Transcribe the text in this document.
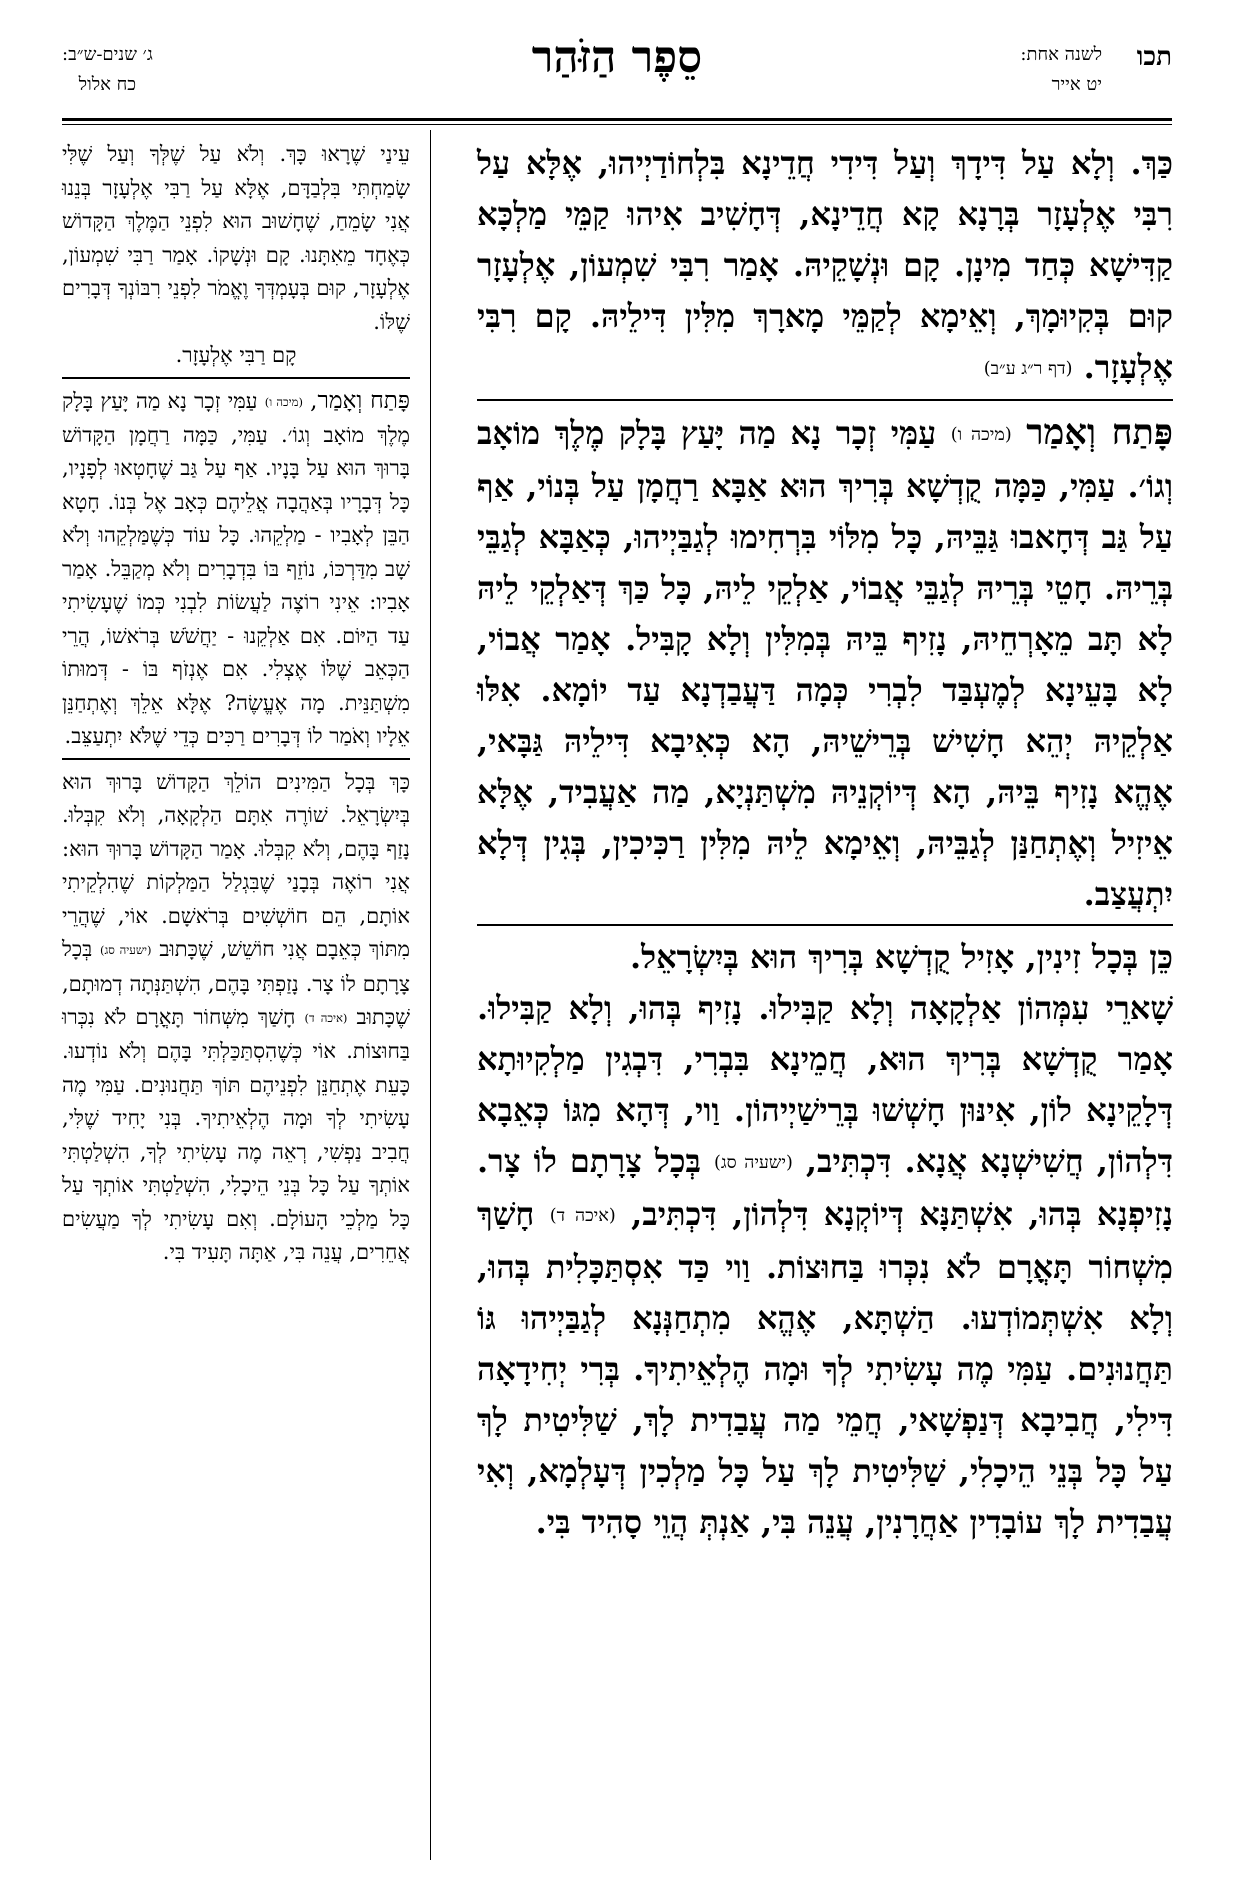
תכו
לשנה אחת:
יט אייר
סֵפֶר הַזֹּהַר
ג׳ שנים-ש״ב:
כח אלול

כַּךְ. וְלָא עַל דִּידָךְ וְעַל דִּידִי חֲדֵינָא בִּלְחוֹדַיְיהוּ, אֶלָּא עַל רִבִּי אֶלְעָזָר בְּרָנָא קָא חֲדֵינָא, דְּחָשִׁיב אִיהוּ קַמֵּי מַלְכָּא קַדִּישָׁא כְּחַד מִינָן. קָם וּנְשָׁקֵיהּ. אָמַר רִבִּי שִׁמְעוֹן, אֶלְעָזָר קוּם בְּקִיוּמָךְ, וְאֵימָא לְקַמֵּי מָארָךְ מִלִּין דִּילֵיהּ. קָם רִבִּי אֶלְעָזָר. (דף ר״ג ע״ב)

פָּתַח וְאָמַר (מיכה ו) עַמִּי זְכָר נָא מַה יָּעַץ בָּלָק מֶלֶךְ מוֹאָב וְגוֹ׳. עַמִּי, כַּמָּה קֻדְשָׁא בְּרִיךְ הוּא אַבָּא רַחֲמָן עַל בְּנוֹי, אַף עַל גַּב דְּחָאבוּ גַּבֵּיהּ, כָּל מִלּוֹי בִּרְחִימוּ לְגַבַּיְיהוּ, כְּאַבָּא לְגַבֵּי בְּרֵיהּ. חָטֵי בְּרֵיהּ לְגַבֵּי אֲבוֹי, אַלְקֵי לֵיהּ, כָּל כַּךְ דְּאַלְקֵי לֵיהּ לָא תָּב מֵאָרְחֵיהּ, נָזִיף בֵּיהּ בְּמִלִּין וְלָא קָבִּיל. אָמַר אֲבוֹי, לָא בָּעֵינָא לְמֶעְבַּד לִבְרִי כְּמָה דַּעֲבַדְנָא עַד יוֹמָא. אִלּוּ אַלְקֵיהּ יְהֵא חָשִׁישׁ בְּרֵישֵׁיהּ, הָא כְּאִיבָא דִּילֵיהּ גַּבָּאי, אֶהֱא נָזִיף בֵּיהּ, הָא דְּיוֹקְנֵיהּ מִשְׁתַּנְיָא, מַה אַעֲבִיד, אֶלָּא אֵיזִיל וְאֶתְחַנַּן לְגַבֵּיהּ, וְאֵימָא לֵיהּ מִלִּין רַכִּיכִין, בְּגִין דְּלָא יִתְעֲצַב.

כֵּן בְּכָל זִינִין, אָזִיל קֻדְשָׁא בְּרִיךְ הוּא בְּיִשְׂרָאֵל.

שָׁארֵי עִמְּהוֹן אַלְקָאָה וְלָא קַבִּילוּ. נָזִיף בְּהוּ, וְלָא קַבִּילוּ. אָמַר קֻדְשָׁא בְּרִיךְ הוּא, חֲמֵינָא בִּבְרִי, דִּבְגִין מַלְקִיוּתָא דְּלָקֵינָא לוֹן, אִינּוּן חָשְׁשׁוּ בְּרֵישַׁיְיהוֹן. וַוי, דְּהָא מִגּוֹ כְּאֵבָא דִּלְהוֹן, חֲשִׁישְׁנָא אֲנָא. דִּכְתִּיב, (ישעיה סג) בְּכָל צָרָתָם לוֹ צָר. נָזִיפְנָא בְּהוּ, אִשְׁתַּנָּא דְּיוֹקְנָא דִּלְהוֹן, דִּכְתִּיב, (איכה ד) חָשַׁךְ מִשְׁחוֹר תָּאֳרָם לֹא נִכְּרוּ בַּחוּצוֹת. וַוי כַּד אִסְתַּכָּלִית בְּהוּ, וְלָא אִשְׁתְּמוֹדְעוּ. הַשְׁתָּא, אֶהֱא מִתְחַנְּנָא לְגַבַּיְיהוּ גּוֹ תַּחֲנוּנִים. עַמִּי מֶה עָשִׂיתִי לְךָ וּמָה הֶלְאֵיתִיךָ. בְּרִי יְחִידָאָה דִּילִי, חֲבִיבָא דְּנַפְשָׁאי, חֲמֵי מַה עֲבַדִית לָךְ, שַׁלִּיטִית לָךְ עַל כָּל בְּנֵי הֵיכָלִי, שַׁלִּיטִית לָךְ עַל כָּל מַלְכִין דְּעָלְמָא, וְאִי עֲבַדִית לָךְ עוֹבָדִין אַחֲרָנִין, עֲנֵה בִּי, אַנְתְּ הֲוֵי סָהִיד בִּי.

עֵינַי שֶׁרָאוּ כָּךְ. וְלֹא עַל שֶׁלְּךָ וְעַל שֶׁלִּי שָׂמַחְתִּי בִּלְבַדָּם, אֶלָּא עַל רַבִּי אֶלְעָזָר בְּנֵנוּ אֲנִי שָׂמֵחַ, שֶׁחָשׁוּב הוּא לִפְנֵי הַמֶּלֶךְ הַקָּדוֹשׁ כְּאֶחָד מֵאִתָּנוּ. קָם וּנְשָׁקוֹ. אָמַר רַבִּי שִׁמְעוֹן, אֶלְעָזָר, קוּם בְּעָמְדְּךָ וֶאֱמֹר לִפְנֵי רִבּוֹנְךָ דְּבָרִים שֶׁלּוֹ.

קָם רַבִּי אֶלְעָזָר.

פָּתַח וְאָמַר, (מיכה ו) עַמִּי זְכָר נָא מַה יָּעַץ בָּלָק מֶלֶךְ מוֹאָב וְגוֹ׳. עַמִּי, כַּמָּה רַחֲמָן הַקָּדוֹשׁ בָּרוּךְ הוּא עַל בָּנָיו. אַף עַל גַּב שֶׁחָטְאוּ לְפָנָיו, כָּל דְּבָרָיו בְּאַהֲבָה אֲלֵיהֶם כְּאָב אֶל בְּנוֹ. חָטָא הַבֵּן לְאָבִיו - מַלְקֵהוּ. כָּל עוֹד כְּשֶׁמַּלְקֵהוּ וְלֹא שָׁב מִדַּרְכּוֹ, נוֹזֵף בּוֹ בִּדְבָרִים וְלֹא מְקַבֵּל. אָמַר אָבִיו: אֵינִי רוֹצֶה לַעֲשׂוֹת לִבְנִי כְּמוֹ שֶׁעָשִׂיתִי עַד הַיּוֹם. אִם אַלְקֵנוּ - יַחֲשֹׁשׁ בְּרֹאשׁוֹ, הֲרֵי הַכְּאֵב שֶׁלּוֹ אֶצְלִי. אִם אֶנְזֹף בּוֹ - דְּמוּתוֹ מִשְׁתַּנֵּית. מָה אֶעֱשֶׂה? אֶלָּא אֵלֵךְ וְאֶתְחַנֵּן אֵלָיו וְאֹמַר לוֹ דְּבָרִים רַכִּים כְּדֵי שֶׁלֹּא יִתְעַצֵּב.

כָּךְ בְּכָל הַמִּינִים הוֹלֵךְ הַקָּדוֹשׁ בָּרוּךְ הוּא בְּיִשְׂרָאֵל. שׁוֹרֶה אִתָּם הַלְקָאָה, וְלֹא קִבְּלוּ. נָזַף בָּהֶם, וְלֹא קִבְּלוּ. אָמַר הַקָּדוֹשׁ בָּרוּךְ הוּא: אֲנִי רוֹאֶה בְּבָנַי שֶׁבִּגְלַל הַמַּלְקוֹת שֶׁהִלְקֵיתִי אוֹתָם, הֵם חוֹשְׁשִׁים בְּרֹאשָׁם. אוֹי, שֶׁהֲרֵי מִתּוֹךְ כְּאֵבָם אֲנִי חוֹשֵׁשׁ, שֶׁכָּתוּב (ישעיה סג) בְּכָל צָרָתָם לוֹ צָר. נָזַפְתִּי בָּהֶם, הִשְׁתַּנְּתָה דְמוּתָם, שֶׁכָּתוּב (איכה ד) חָשַׁךְ מִשְּׁחוֹר תָּאֳרָם לֹא נִכְּרוּ בַּחוּצוֹת. אוֹי כְּשֶׁהִסְתַּכַּלְתִּי בָּהֶם וְלֹא נוֹדְעוּ. כָּעֵת אֶתְחַנֵּן לִפְנֵיהֶם תּוֹךְ תַּחֲנוּנִים. עַמִּי מֶה עָשִׂיתִי לְךָ וּמָה הֶלְאֵיתִיךָ. בְּנִי יָחִיד שֶׁלִּי, חֲבִיב נַפְשִׁי, רְאֵה מֶה עָשִׂיתִי לְךָ, הִשְׁלַטְתִּי אוֹתְךָ עַל כָּל בְּנֵי הֵיכָלִי, הִשְׁלַטְתִּי אוֹתְךָ עַל כָּל מַלְכֵי הָעוֹלָם. וְאִם עָשִׂיתִי לְךָ מַעֲשִׂים אֲחֵרִים, עֲנֵה בִּי, אַתָּה תָּעִיד בִּי.
